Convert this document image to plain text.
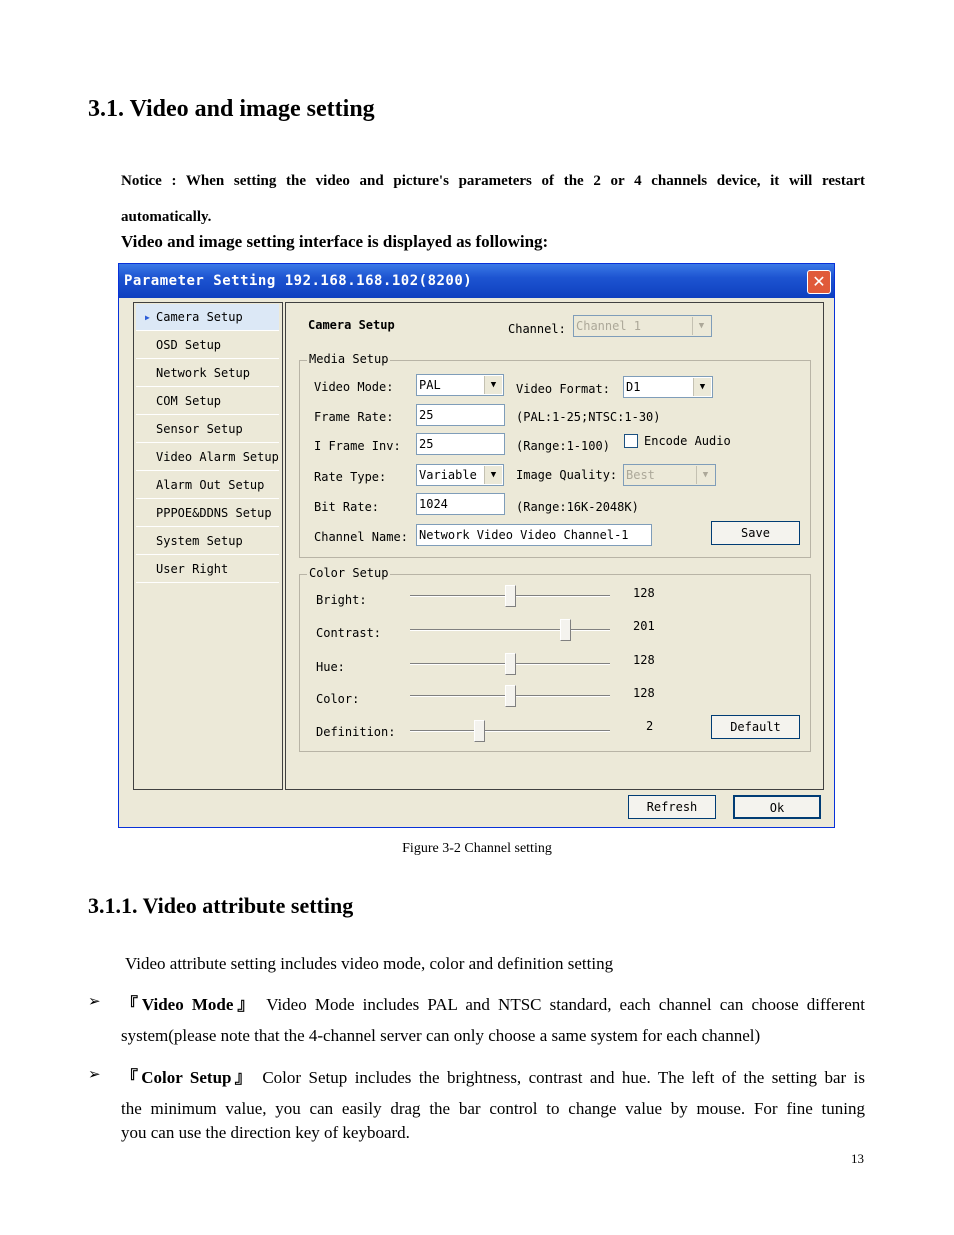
3.1. Video and image setting
Notice : When setting the video and picture's parameters of the 2 or 4 channels device, it will restart
automatically.
Video and image setting interface is displayed as following:
Parameter Setting 192.168.168.102(8200)	✕
▶ Camera Setup
OSD Setup
Network Setup
COM Setup
Sensor Setup
Video Alarm Setup
Alarm Out Setup
PPPOE&DDNS Setup
System Setup
User Right
Camera Setup	Channel: Channel 1	▼
Media Setup
Video Mode: PAL	▼	Video Format: D1	▼
Frame Rate: 25	(PAL:1-25;NTSC:1-30)
I Frame Inv: 25	(Range:1-100)	Encode Audio
Rate Type:	Variable	▼	Image Quality: Best	▼
Bit Rate:	1024	(Range:16K-2048K)
Channel Name: Network Video Video Channel-1	Save
Color Setup
Bright:	128
Contrast:	201
Hue:	128
Color:	128
Definition:	2	Default
Refresh	Ok
Figure 3-2 Channel setting
3.1.1. Video attribute setting
Video attribute setting includes video mode, color and definition setting
➢ 『Video Mode』 Video Mode includes PAL and NTSC standard, each channel can choose different
system(please note that the 4-channel server can only choose a same system for each channel)
➢ 『Color Setup』 Color Setup includes the brightness, contrast and hue. The left of the setting bar is
the minimum value, you can easily drag the bar control to change value by mouse. For fine tuning
you can use the direction key of keyboard.
13
